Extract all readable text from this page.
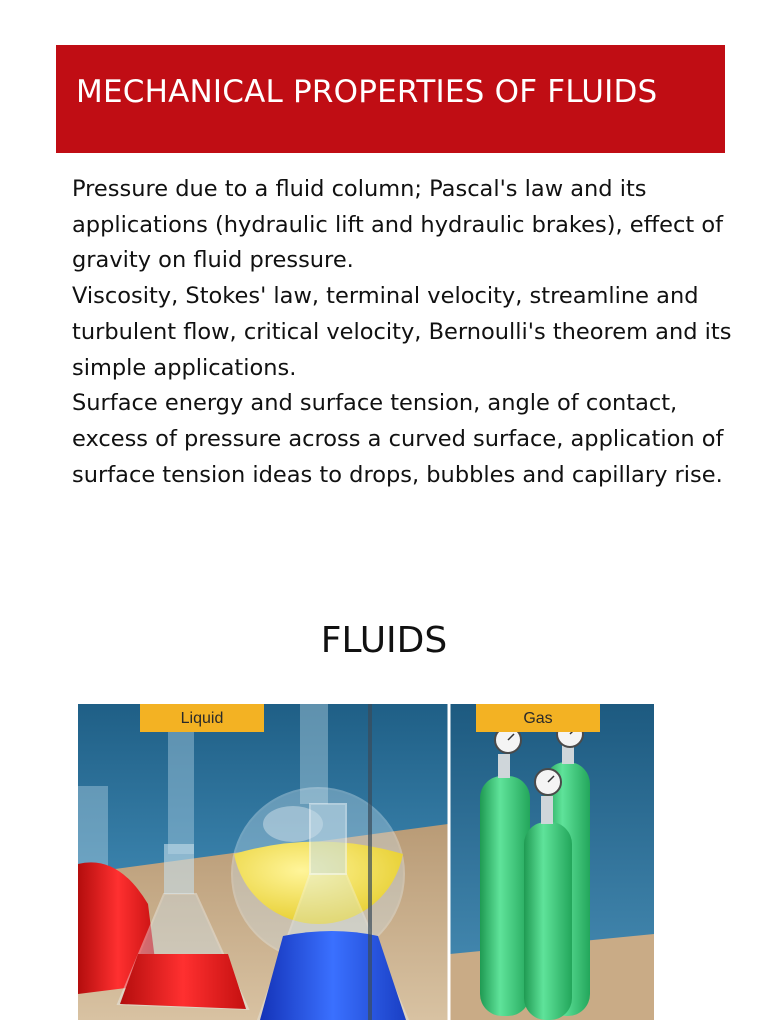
MECHANICAL PROPERTIES OF FLUIDS
Pressure due to a fluid column; Pascal's law and its applications (hydraulic lift and hydraulic brakes), effect of gravity on fluid pressure.
Viscosity, Stokes' law, terminal velocity, streamline and turbulent flow, critical velocity, Bernoulli's theorem and its simple applications.
Surface energy and surface tension, angle of contact, excess of pressure across a curved surface, application of surface tension ideas to drops, bubbles and capillary rise.
FLUIDS
Liquid	Gas
